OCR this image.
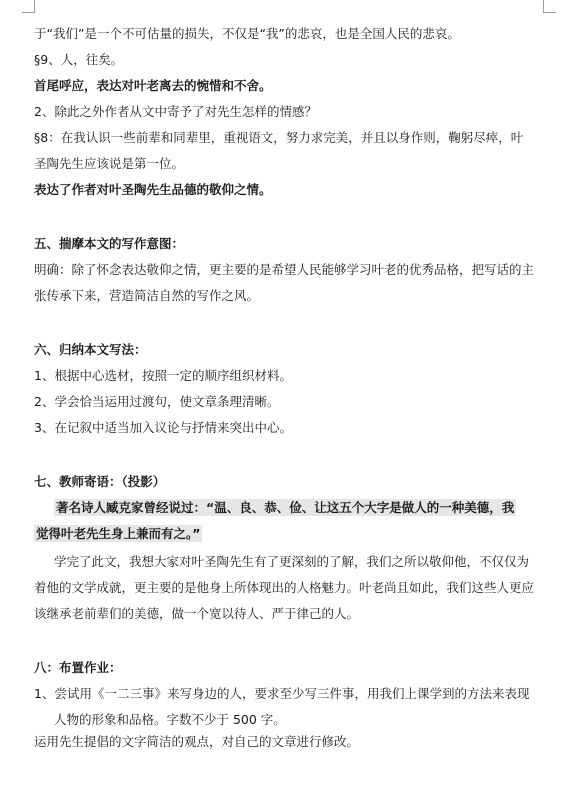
于“我们”是一个不可估量的损失，不仅是“我”的悲哀，也是全国人民的悲哀。
§9、人，往矣。
首尾呼应，表达对叶老离去的惋惜和不舍。
2、除此之外作者从文中寄予了对先生怎样的情感？
§8：在我认识一些前辈和同辈里，重视语文，努力求完美，并且以身作则，鞠躬尽瘁，叶
圣陶先生应该说是第一位。
表达了作者对叶圣陶先生品德的敬仰之情。
五、揣摩本文的写作意图：
明确：除了怀念表达敬仰之情，更主要的是希望人民能够学习叶老的优秀品格，把写话的主
张传承下来，营造简洁自然的写作之风。
六、归纳本文写法：
1、根据中心选材，按照一定的顺序组织材料。
2、学会恰当运用过渡句，使文章条理清晰。
3、在记叙中适当加入议论与抒情来突出中心。
七、教师寄语：（投影）
著名诗人臧克家曾经说过：“温、良、恭、俭、让这五个大字是做人的一种美德，我
觉得叶老先生身上兼而有之。”
学完了此文，我想大家对叶圣陶先生有了更深刻的了解，我们之所以敬仰他，不仅仅为
着他的文学成就，更主要的是他身上所体现出的人格魅力。叶老尚且如此，我们这些人更应
该继承老前辈们的美德，做一个宽以待人、严于律己的人。
八：布置作业：
1、尝试用《一二三事》来写身边的人，要求至少写三件事，用我们上课学到的方法来表现
人物的形象和品格。字数不少于 500 字。
运用先生提倡的文字简洁的观点，对自己的文章进行修改。
